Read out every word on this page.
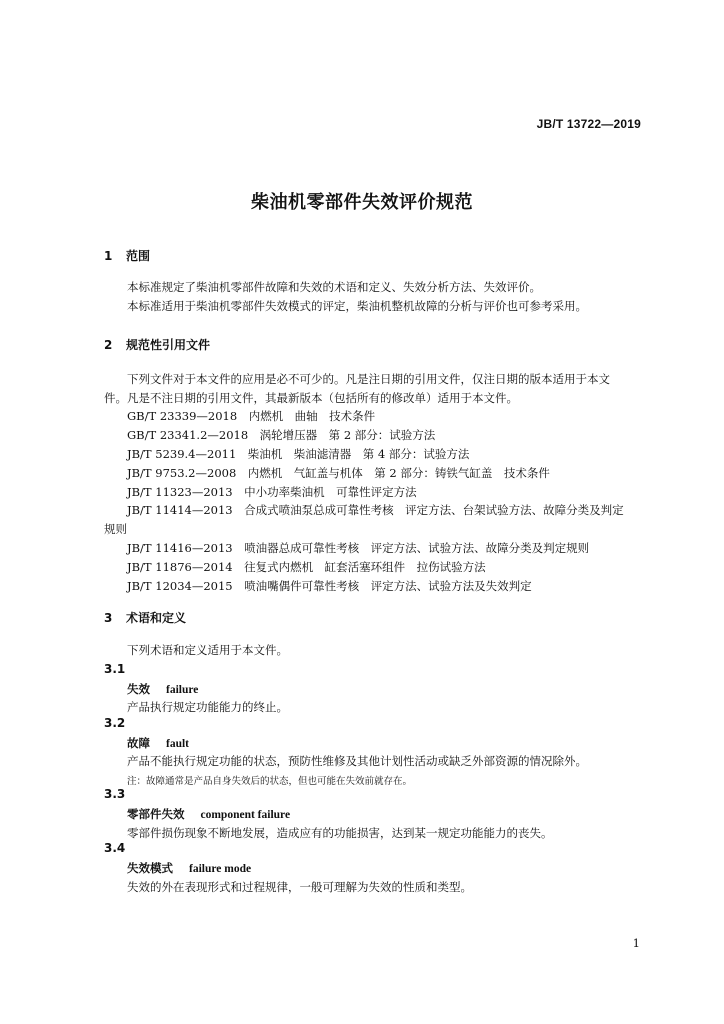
JB/T 13722—2019
柴油机零部件失效评价规范
1 范围
本标准规定了柴油机零部件故障和失效的术语和定义、失效分析方法、失效评价。
本标准适用于柴油机零部件失效模式的评定，柴油机整机故障的分析与评价也可参考采用。
2 规范性引用文件
下列文件对于本文件的应用是必不可少的。凡是注日期的引用文件，仅注日期的版本适用于本文
件。凡是不注日期的引用文件，其最新版本（包括所有的修改单）适用于本文件。
GB/T 23339—2018　内燃机　曲轴　技术条件
GB/T 23341.2—2018　涡轮增压器　第 2 部分：试验方法
JB/T 5239.4—2011　柴油机　柴油滤清器　第 4 部分：试验方法
JB/T 9753.2—2008　内燃机　气缸盖与机体　第 2 部分：铸铁气缸盖　技术条件
JB/T 11323—2013　中小功率柴油机　可靠性评定方法
JB/T 11414—2013　合成式喷油泵总成可靠性考核　评定方法、台架试验方法、故障分类及判定
规则
JB/T 11416—2013　喷油器总成可靠性考核　评定方法、试验方法、故障分类及判定规则
JB/T 11876—2014　往复式内燃机　缸套活塞环组件　拉伤试验方法
JB/T 12034—2015　喷油嘴偶件可靠性考核　评定方法、试验方法及失效判定
3 术语和定义
下列术语和定义适用于本文件。
3.1
失效 failure
产品执行规定功能能力的终止。
3.2
故障 fault
产品不能执行规定功能的状态，预防性维修及其他计划性活动或缺乏外部资源的情况除外。
注：故障通常是产品自身失效后的状态，但也可能在失效前就存在。
3.3
零部件失效 component failure
零部件损伤现象不断地发展，造成应有的功能损害，达到某一规定功能能力的丧失。
3.4
失效模式 failure mode
失效的外在表现形式和过程规律，一般可理解为失效的性质和类型。
1
